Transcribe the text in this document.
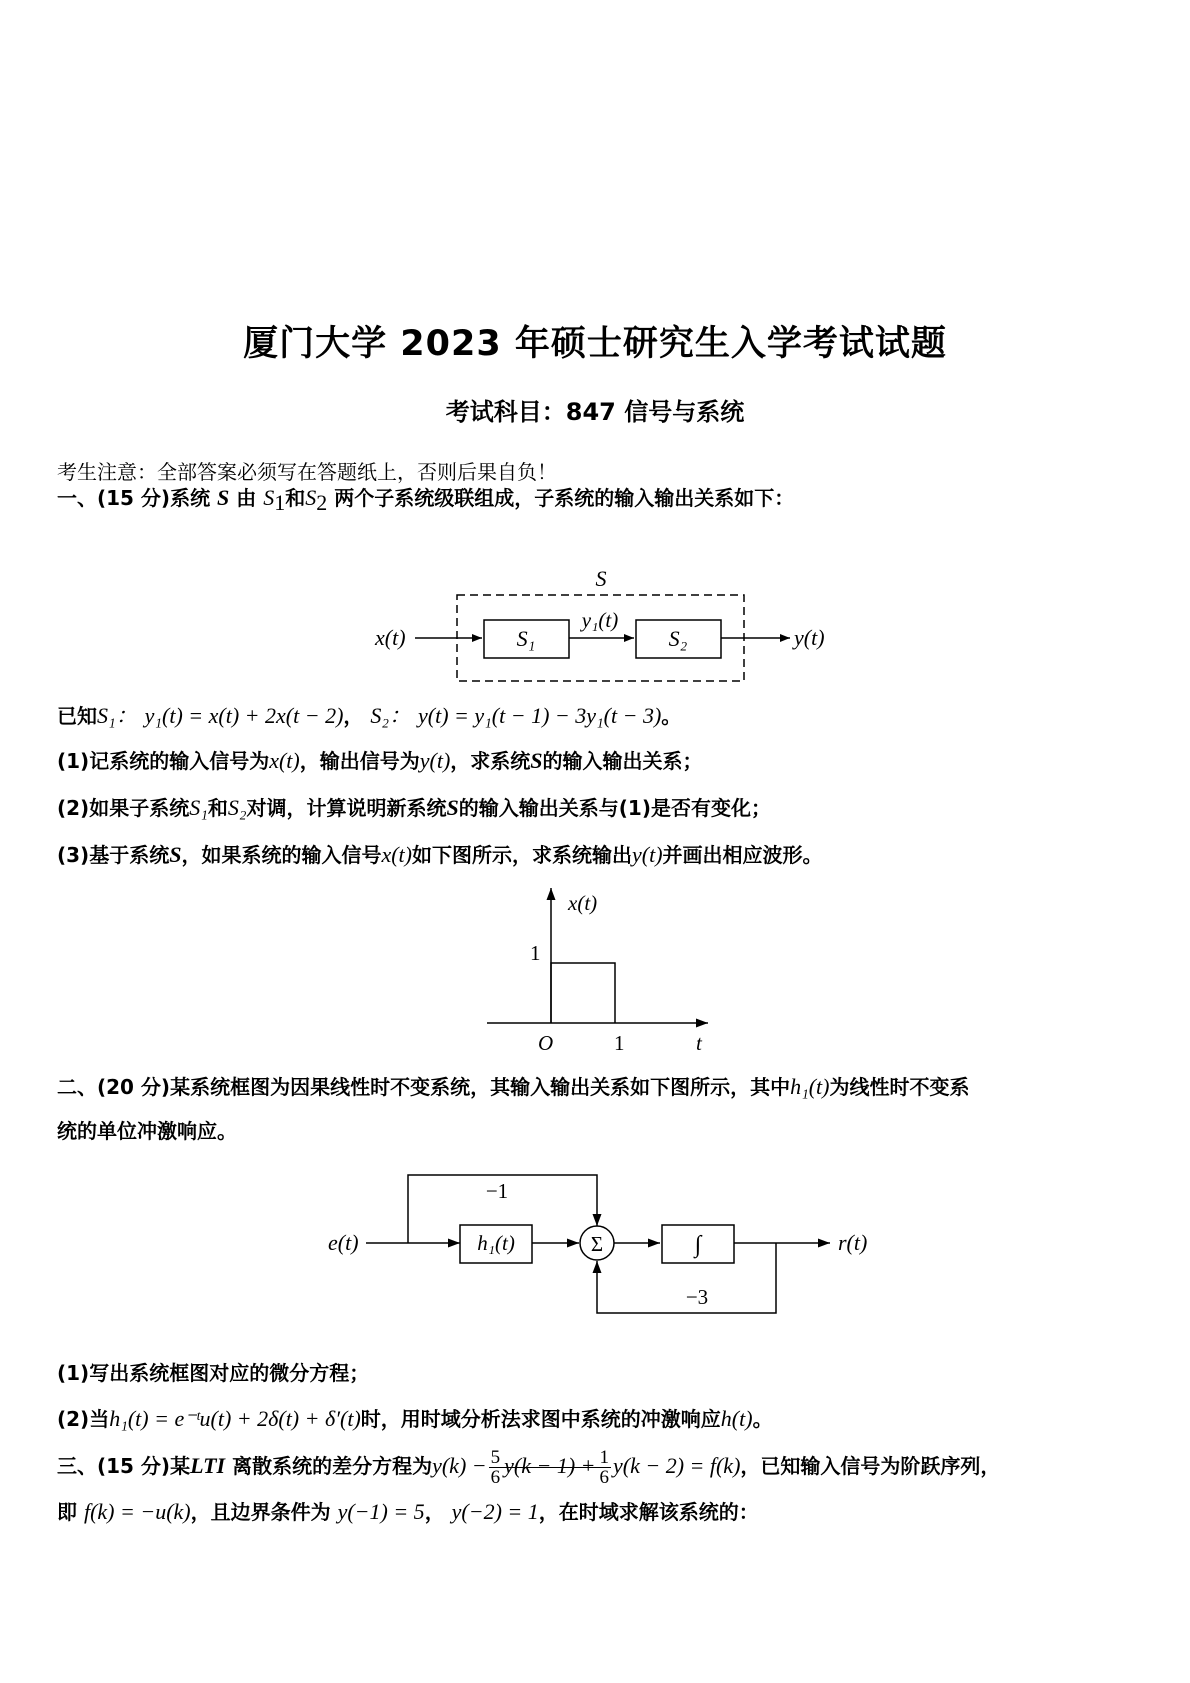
厦门大学 2023 年硕士研究生入学考试试题
考试科目：847 信号与系统
考生注意：全部答案必须写在答题纸上，否则后果自负！
一、(15 分)系统 S 由 $S_1$和$S_2$ 两个子系统级联组成，子系统的输入输出关系如下：
S
x(t)	S₁
y₁(t)
S₂	y(t)
已知S₁： y₁(t) = x(t) + 2x(t − 2)， S₂： y(t) = y₁(t − 1) − 3y₁(t − 3)。
(1)记系统的输入信号为x(t)，输出信号为y(t)，求系统S的输入输出关系；
(2)如果子系统S₁和S₂对调，计算说明新系统S的输入输出关系与(1)是否有变化；
(3)基于系统S，如果系统的输入信号x(t)如下图所示，求系统输出y(t)并画出相应波形。
x(t)
1
O	1	t
二、(20 分)某系统框图为因果线性时不变系统，其输入输出关系如下图所示，其中h₁(t)为线性时不变系
统的单位冲激响应。
e(t)
−1
h₁(t)	Σ	∫	r(t)
−3
(1)写出系统框图对应的微分方程；
(2)当h₁(t) = e⁻ᵗu(t) + 2δ(t) + δ′(t)时，用时域分析法求图中系统的冲激响应h(t)。
三、(15 分)某LTI 离散系统的差分方程为$y(k) - \frac{5}{6} y(k - 1) + \frac{1}{6} y(k - 2) = f(k)$，已知输入信号为阶跃序列，
即 f(k) = −u(k)，且边界条件为 y(−1) = 5， y(−2) = 1，在时域求解该系统的：
